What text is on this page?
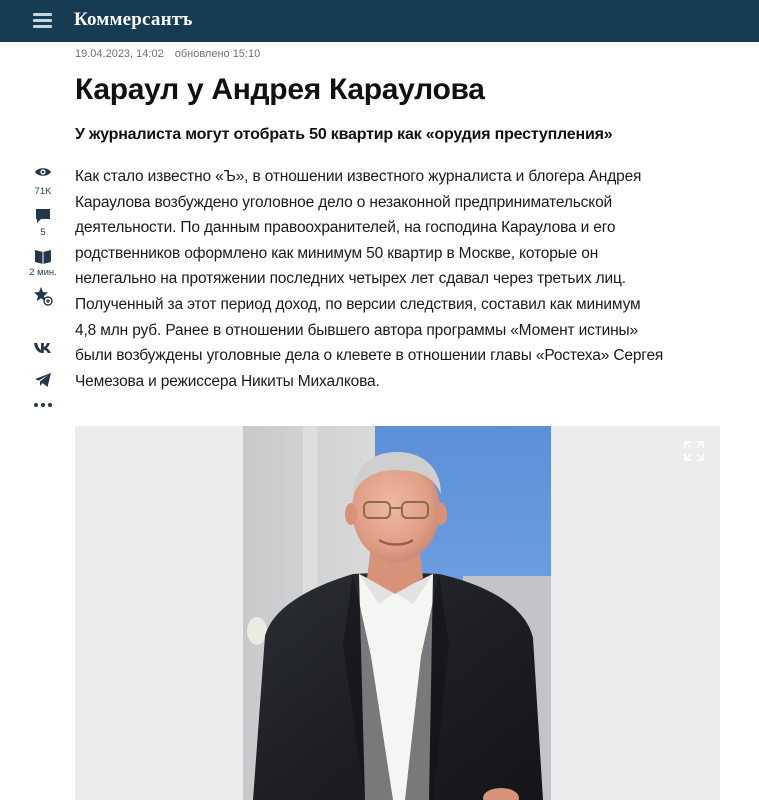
Коммерсантъ
19.04.2023, 14:02 обновлено 15:10
Караул у Андрея Караулова
У журналиста могут отобрать 50 квартир как «орудия преступления»
Как стало известно «Ъ», в отношении известного журналиста и блогера Андрея
Караулова возбуждено уголовное дело о незаконной предпринимательской
деятельности. По данным правоохранителей, на господина Караулова и его
родственников оформлено как минимум 50 квартир в Москве, которые он
нелегально на протяжении последних четырех лет сдавал через третьих лиц.
Полученный за этот период доход, по версии следствия, составил как минимум
4,8 млн руб. Ранее в отношении бывшего автора программы «Момент истины»
были возбуждены уголовные дела о клевете в отношении главы «Ростеха» Сергея
Чемезова и режиссера Никиты Михалкова.
71K
5
2 мин.
